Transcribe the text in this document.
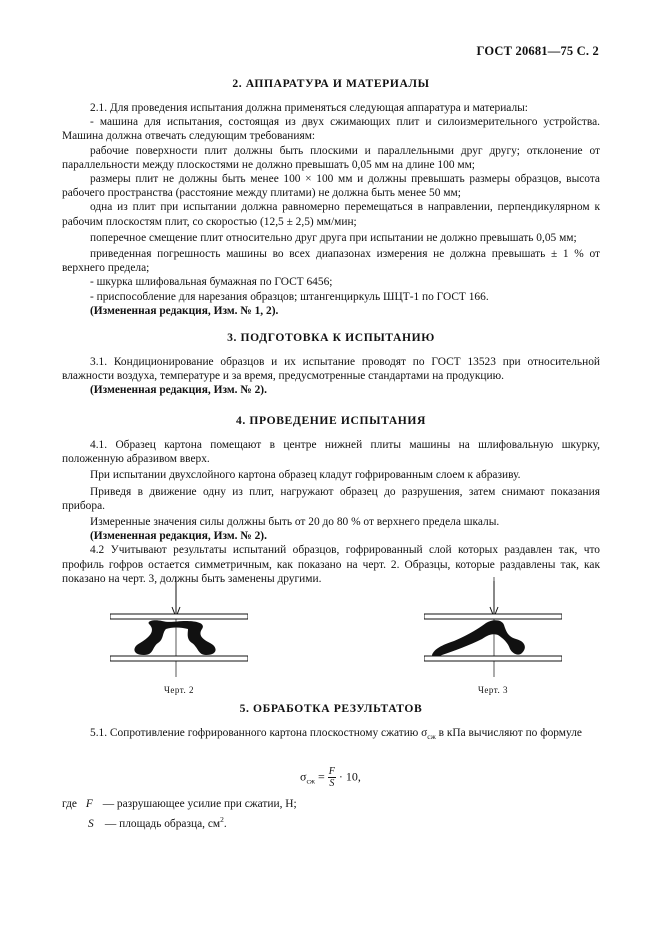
ГОСТ 20681—75 С. 2
2. АППАРАТУРА И МАТЕРИАЛЫ

2.1. Для проведения испытания должна применяться следующая аппаратура и материалы:

- машина для испытания, состоящая из двух сжимающих плит и силоизмерительного устройства. Машина должна отвечать следующим требованиям:

рабочие поверхности плит должны быть плоскими и параллельными друг другу; отклонение от параллельности между плоскостями не должно превышать 0,05 мм на длине 100 мм;

размеры плит не должны быть менее 100 × 100 мм и должны превышать размеры образцов, высота рабочего пространства (расстояние между плитами) не должна быть менее 50 мм;

одна из плит при испытании должна равномерно перемещаться в направлении, перпендикулярном к рабочим плоскостям плит, со скоростью (12,5 ± 2,5) мм/мин;

поперечное смещение плит относительно друг друга при испытании не должно превышать 0,05 мм;

приведенная погрешность машины во всех диапазонах измерения не должна превышать ± 1 % от верхнего предела;

- шкурка шлифовальная бумажная по ГОСТ 6456;

- приспособление для нарезания образцов; штангенциркуль ШЦТ-1 по ГОСТ 166.

(Измененная редакция, Изм. № 1, 2).

3. ПОДГОТОВКА К ИСПЫТАНИЮ

3.1. Кондиционирование образцов и их испытание проводят по ГОСТ 13523 при относительной влажности воздуха, температуре и за время, предусмотренные стандартами на продукцию.

(Измененная редакция, Изм. № 2).

4. ПРОВЕДЕНИЕ ИСПЫТАНИЯ

4.1. Образец картона помещают в центре нижней плиты машины на шлифовальную шкурку, положенную абразивом вверх.

При испытании двухслойного картона образец кладут гофрированным слоем к абразиву.

Приведя в движение одну из плит, нагружают образец до разрушения, затем снимают показания прибора.

Измеренные значения силы должны быть от 20 до 80 % от верхнего предела шкалы.

(Измененная редакция, Изм. № 2).

4.2 Учитывают результаты испытаний образцов, гофрированный слой которых раздавлен так, что профиль гофров остается симметричным, как показано на черт. 2. Образцы, которые раздавлены так, как показано на черт. 3, должны быть заменены другими.

Черт. 2	Черт. 3
5. ОБРАБОТКА РЕЗУЛЬТАТОВ

5.1. Сопротивление гофрированного картона плоскостному сжатию $\sigma_{сж}$ в кПа вычисляют по формуле

$\sigma_{сж} = \frac{F}{S} \cdot 10$,
где F — разрушающее усилие при сжатии, Н;
S — площадь образца, $см^2$.
